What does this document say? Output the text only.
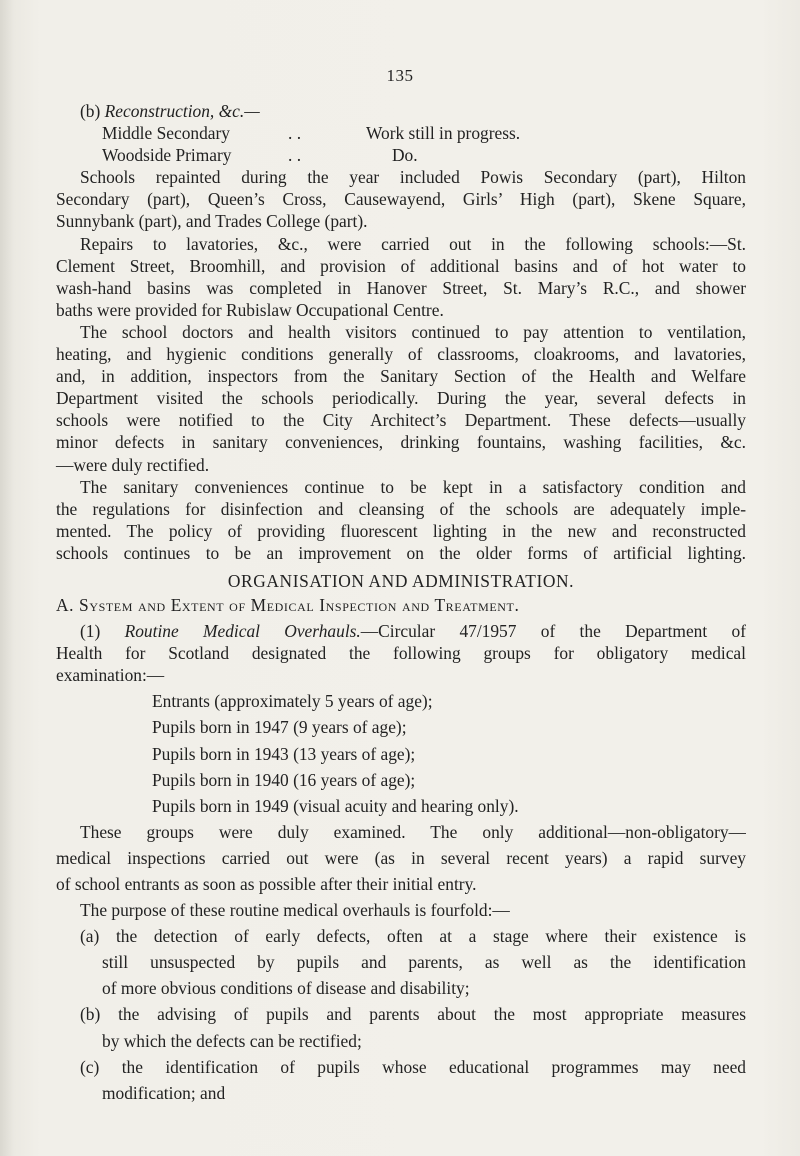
135
(b) Reconstruction, &c.—
Middle Secondary	. .	Work still in progress.
Woodside Primary	. .	Do.
Schools repainted during the year included Powis Secondary (part), Hilton
Secondary (part), Queen’s Cross, Causewayend, Girls’ High (part), Skene Square,
Sunnybank (part), and Trades College (part).
Repairs to lavatories, &c., were carried out in the following schools:—St.
Clement Street, Broomhill, and provision of additional basins and of hot water to
wash-hand basins was completed in Hanover Street, St. Mary’s R.C., and shower
baths were provided for Rubislaw Occupational Centre.
The school doctors and health visitors continued to pay attention to ventilation,
heating, and hygienic conditions generally of classrooms, cloakrooms, and lavatories,
and, in addition, inspectors from the Sanitary Section of the Health and Welfare
Department visited the schools periodically. During the year, several defects in
schools were notified to the City Architect’s Department. These defects—usually
minor defects in sanitary conveniences, drinking fountains, washing facilities, &c.
—were duly rectified.
The sanitary conveniences continue to be kept in a satisfactory condition and
the regulations for disinfection and cleansing of the schools are adequately imple-
mented. The policy of providing fluorescent lighting in the new and reconstructed
schools continues to be an improvement on the older forms of artificial lighting.
ORGANISATION AND ADMINISTRATION.
A. System and Extent of Medical Inspection and Treatment.
(1) Routine Medical Overhauls.—Circular 47/1957 of the Department of
Health for Scotland designated the following groups for obligatory medical
examination:—
Entrants (approximately 5 years of age);
Pupils born in 1947 (9 years of age);
Pupils born in 1943 (13 years of age);
Pupils born in 1940 (16 years of age);
Pupils born in 1949 (visual acuity and hearing only).
These groups were duly examined. The only additional—non-obligatory—
medical inspections carried out were (as in several recent years) a rapid survey
of school entrants as soon as possible after their initial entry.
The purpose of these routine medical overhauls is fourfold:—
(a) the detection of early defects, often at a stage where their existence is
still unsuspected by pupils and parents, as well as the identification
of more obvious conditions of disease and disability;
(b) the advising of pupils and parents about the most appropriate measures
by which the defects can be rectified;
(c) the identification of pupils whose educational programmes may need
modification; and
